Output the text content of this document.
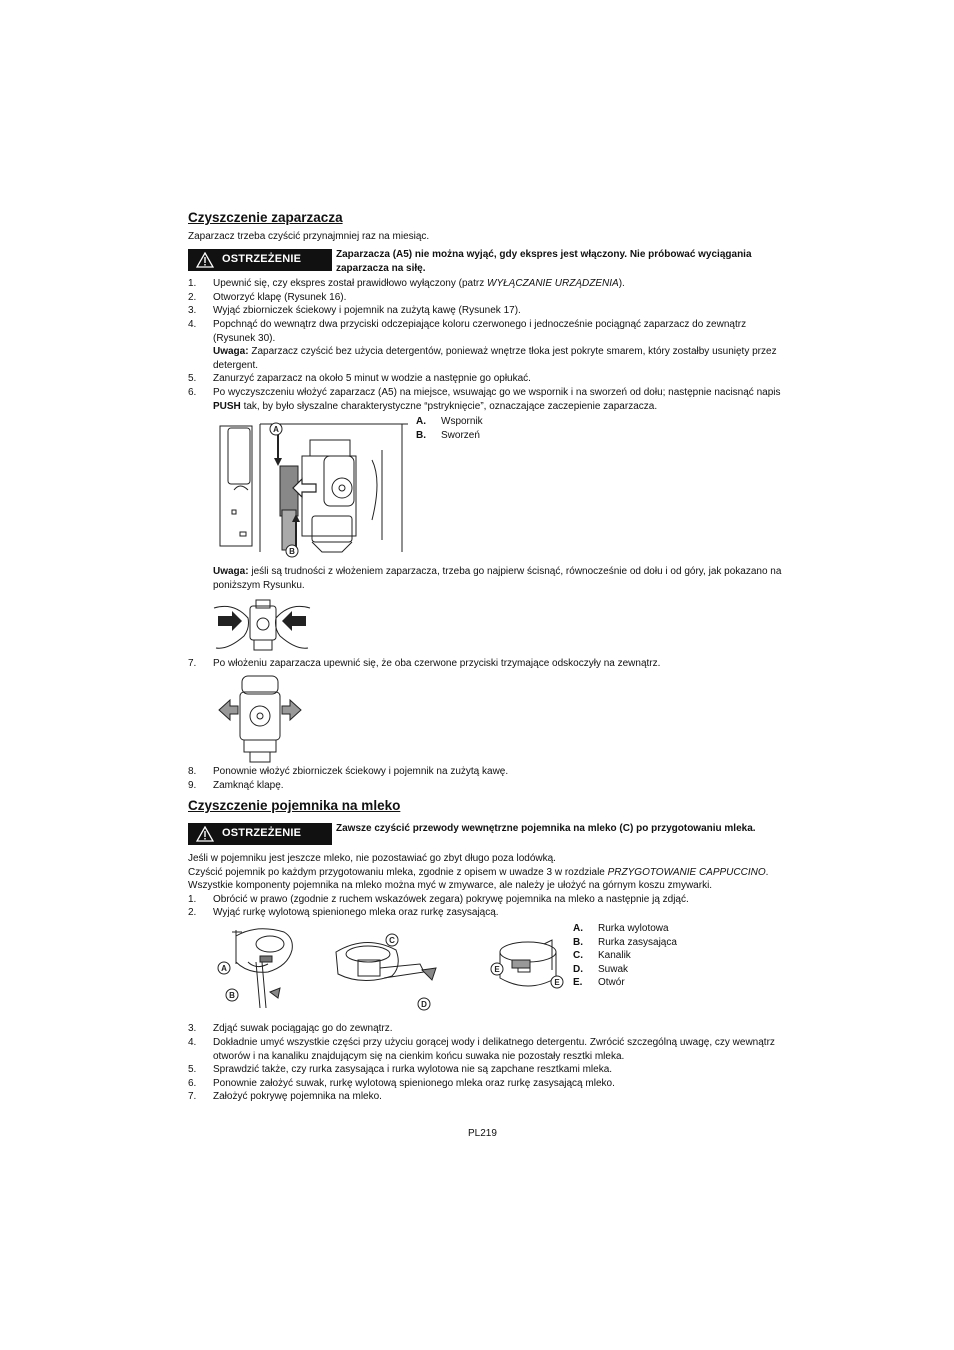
Czyszczenie zaparzacza
Zaparzacz trzeba czyścić przynajmniej raz na miesiąc.
OSTRZEŻENIE	Zaparzacza (A5) nie można wyjąć, gdy ekspres jest włączony. Nie próbować wyciągania zaparzacza na siłę.
1. Upewnić się, czy ekspres został prawidłowo wyłączony (patrz WYŁĄCZANIE URZĄDZENIA).
2. Otworzyć klapę (Rysunek 16).
3. Wyjąć zbiorniczek ściekowy i pojemnik na zużytą kawę (Rysunek 17).
4. Popchnąć do wewnątrz dwa przyciski odczepiające koloru czerwonego i jednocześnie pociągnąć zaparzacz do zewnątrz (Rysunek 30).
Uwaga: Zaparzacz czyścić bez użycia detergentów, ponieważ wnętrze tłoka jest pokryte smarem, który zostałby usunięty przez detergent.
5. Zanurzyć zaparzacz na około 5 minut w wodzie a następnie go opłukać.
6. Po wyczyszczeniu włożyć zaparzacz (A5) na miejsce, wsuwając go we wspornik i na sworzeń od dołu; następnie nacisnąć napis PUSH tak, by było słyszalne charakterystyczne “pstryknięcie”, oznaczające zaczepienie zaparzacza.
A
B
A. Wspornik
B. Sworzeń
Uwaga: jeśli są trudności z włożeniem zaparzacza, trzeba go najpierw ścisnąć, równocześnie od dołu i od góry, jak pokazano na poniższym Rysunku.
7. Po włożeniu zaparzacza upewnić się, że oba czerwone przyciski trzymające odskoczyły na zewnątrz.
8. Ponownie włożyć zbiorniczek ściekowy i pojemnik na zużytą kawę.
9. Zamknąć klapę.
Czyszczenie pojemnika na mleko
OSTRZEŻENIE	Zawsze czyścić przewody wewnętrzne pojemnika na mleko (C) po przygotowaniu mleka.
Jeśli w pojemniku jest jeszcze mleko, nie pozostawiać go zbyt długo poza lodówką.
Czyścić pojemnik po każdym przygotowaniu mleka, zgodnie z opisem w uwadze 3 w rozdziale PRZYGOTOWANIE CAPPUCCINO.
Wszystkie komponenty pojemnika na mleko można myć w zmywarce, ale należy je ułożyć na górnym koszu zmywarki.
1. Obrócić w prawo (zgodnie z ruchem wskazówek zegara) pokrywę pojemnika na mleko a następnie ją zdjąć.
2. Wyjąć rurkę wylotową spienionego mleka oraz rurkę zasysającą.
A
B
C
D
E
E
A. Rurka wylotowa
B. Rurka zasysająca
C. Kanalik
D. Suwak
E. Otwór
3. Zdjąć suwak pociągając go do zewnątrz.
4. Dokładnie umyć wszystkie części przy użyciu gorącej wody i delikatnego detergentu. Zwrócić szczególną uwagę, czy wewnątrz otworów i na kanaliku znajdującym się na cienkim końcu suwaka nie pozostały resztki mleka.
5. Sprawdzić także, czy rurka zasysająca i rurka wylotowa nie są zapchane resztkami mleka.
6. Ponownie założyć suwak, rurkę wylotową spienionego mleka oraz rurkę zasysającą mleko.
7. Założyć pokrywę pojemnika na mleko.
PL219
